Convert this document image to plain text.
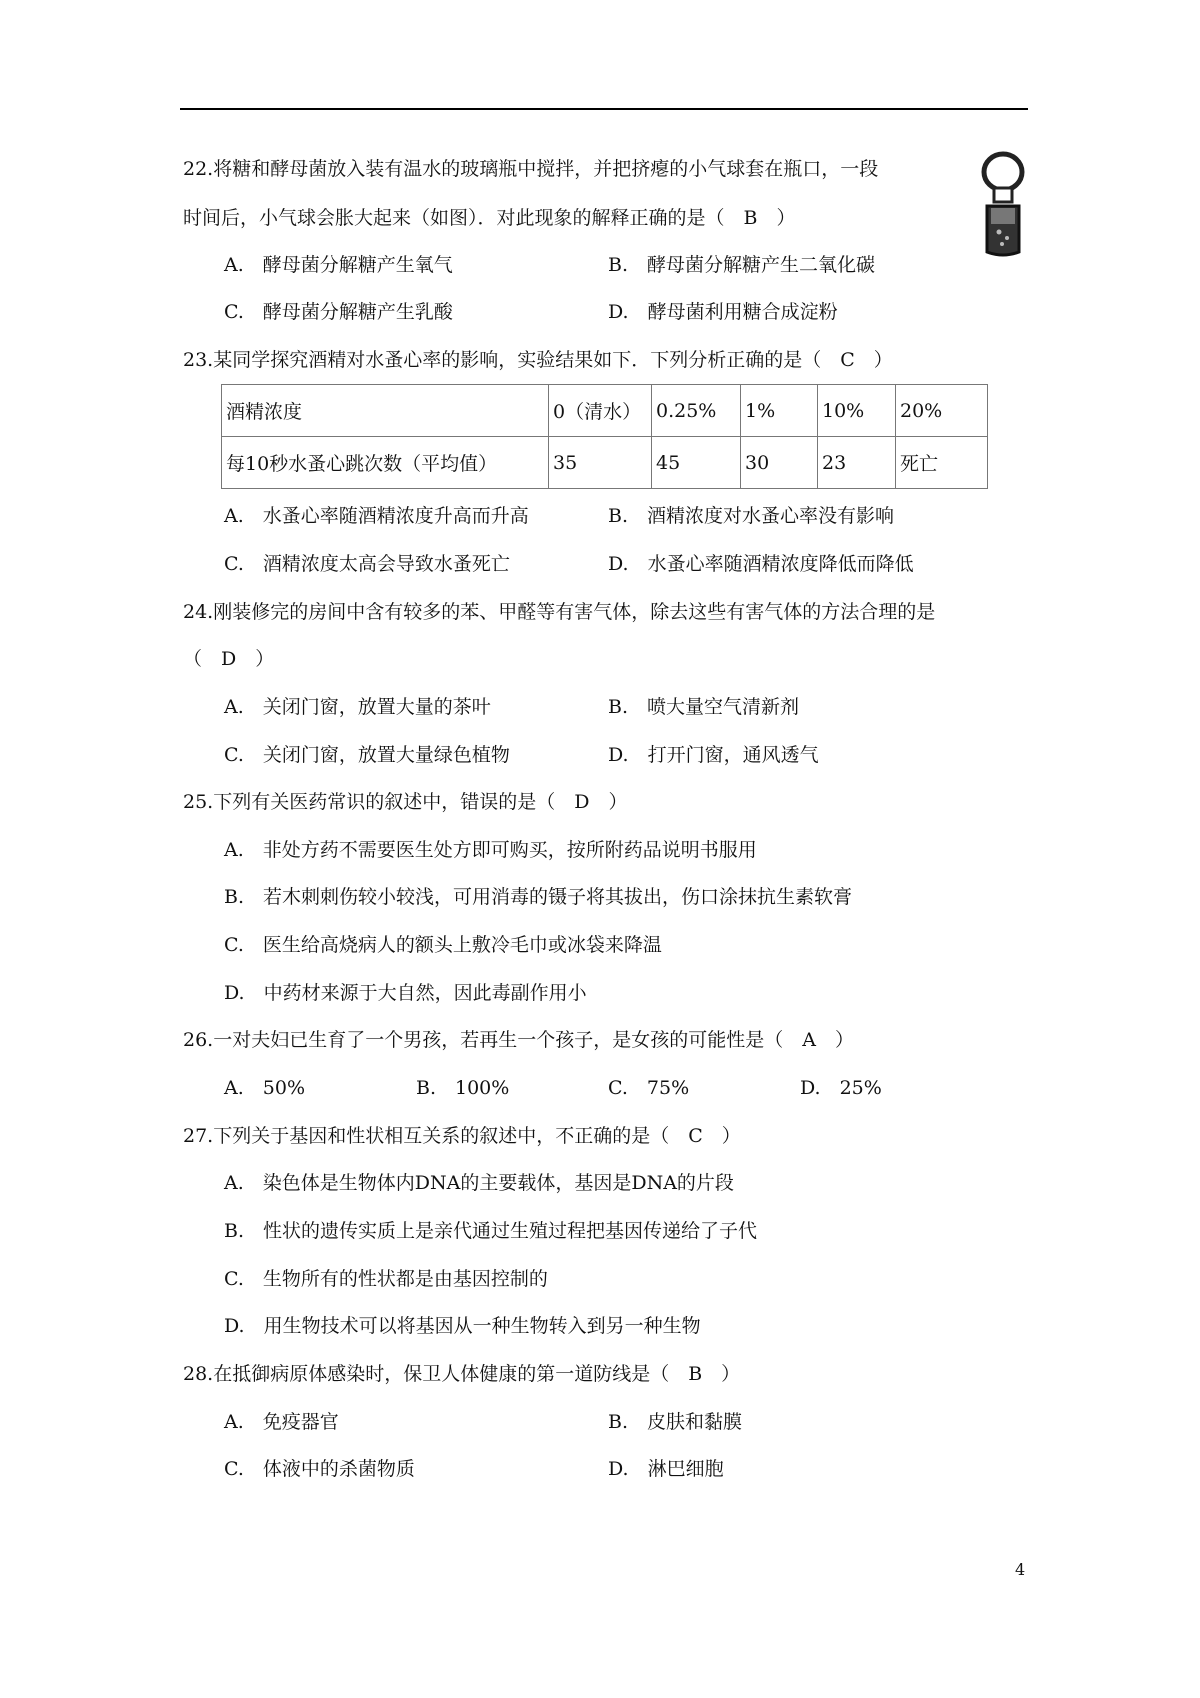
22.将糖和酵母菌放入装有温水的玻璃瓶中搅拌，并把挤瘪的小气球套在瓶口，一段
时间后，小气球会胀大起来（如图）．对此现象的解释正确的是（　B　）
A.　酵母菌分解糖产生氧气	B.　酵母菌分解糖产生二氧化碳
C.　酵母菌分解糖产生乳酸	D.　酵母菌利用糖合成淀粉
23.某同学探究酒精对水蚤心率的影响，实验结果如下．下列分析正确的是（　C　）
酒精浓度	0（清水）	0.25%	1%	10%	20%
每10秒水蚤心跳次数（平均值）	35	45	30	23	死亡
A.　水蚤心率随酒精浓度升高而升高	B.　酒精浓度对水蚤心率没有影响
C.　酒精浓度太高会导致水蚤死亡	D.　水蚤心率随酒精浓度降低而降低
24.刚装修完的房间中含有较多的苯、甲醛等有害气体，除去这些有害气体的方法合理的是
（　D　）
A.　关闭门窗，放置大量的茶叶	B.　喷大量空气清新剂
C.　关闭门窗，放置大量绿色植物	D.　打开门窗，通风透气
25.下列有关医药常识的叙述中，错误的是（　D　）
A.　非处方药不需要医生处方即可购买，按所附药品说明书服用
B.　若木刺刺伤较小较浅，可用消毒的镊子将其拔出，伤口涂抹抗生素软膏
C.　医生给高烧病人的额头上敷冷毛巾或冰袋来降温
D.　中药材来源于大自然，因此毒副作用小
26.一对夫妇已生育了一个男孩，若再生一个孩子，是女孩的可能性是（　A　）
A.　50%	B.　100%	C.　75%	D.　25%
27.下列关于基因和性状相互关系的叙述中，不正确的是（　C　）
A.　染色体是生物体内DNA的主要载体，基因是DNA的片段
B.　性状的遗传实质上是亲代通过生殖过程把基因传递给了子代
C.　生物所有的性状都是由基因控制的
D.　用生物技术可以将基因从一种生物转入到另一种生物
28.在抵御病原体感染时，保卫人体健康的第一道防线是（　B　）
A.　免疫器官	B.　皮肤和黏膜
C.　体液中的杀菌物质	D.　淋巴细胞
4
